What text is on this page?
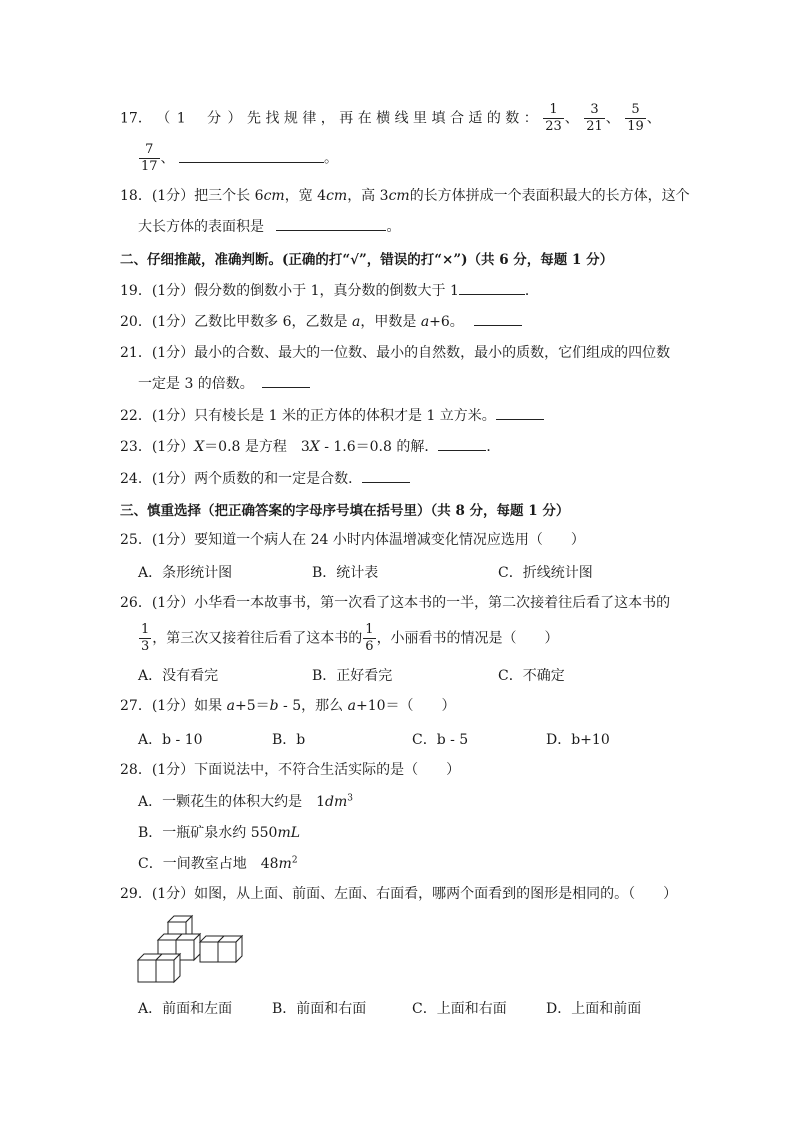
17． （ 1 　分 ） 先 找 规 律 ， 再 在 横 线 里 填 合 适 的 数 ： $\frac{1}{23}$ 、 $\frac{3}{21}$ 、 $\frac{5}{19}$ 、
$\frac{7}{17}$ 、	。
18．(1分）把三个长 6cm，宽 4cm，高 3cm的长方体拼成一个表面积最大的长方体，这个
大长方体的表面积是	。
二、仔细推敲，准确判断。(正确的打“√”，错误的打“×”)（共 6 分，每题 1 分）
19．(1分）假分数的倒数小于 1，真分数的倒数大于 1	．
20．(1分）乙数比甲数多 6，乙数是 a，甲数是 a+6。
21．(1分）最小的合数、最大的一位数、最小的自然数，最小的质数，它们组成的四位数
一定是 3 的倍数。
22．(1分）只有棱长是 1 米的正方体的体积才是 1 立方米。
23．(1分）X＝0.8 是方程　3X - 1.6＝0.8 的解．	．
24．(1分）两个质数的和一定是合数．
三、慎重选择（把正确答案的字母序号填在括号里）（共 8 分，每题 1 分）
25．(1分）要知道一个病人在 24 小时内体温增减变化情况应选用（　　）
A．条形统计图	B．统计表	C．折线统计图
26．(1分）小华看一本故事书，第一次看了这本书的一半，第二次接着往后看了这本书的
$\frac{1}{3}$ ，第三次又接着往后看了这本书的 $\frac{1}{6}$ ，小丽看书的情况是（　　）
A．没有看完	B．正好看完	C．不确定
27．(1分）如果 a+5＝b - 5，那么 a+10＝（　　）
A．b - 10	B．b	C．b - 5	D．b+10
28．(1分）下面说法中，不符合生活实际的是（　　）
A．一颗花生的体积大约是　$1dm^3$
B．一瓶矿泉水约 550mL
C．一间教室占地　$48m^2$
29．(1分）如图，从上面、前面、左面、右面看，哪两个面看到的图形是相同的。（　　）
A．前面和左面	B．前面和右面	C．上面和右面	D．上面和前面
